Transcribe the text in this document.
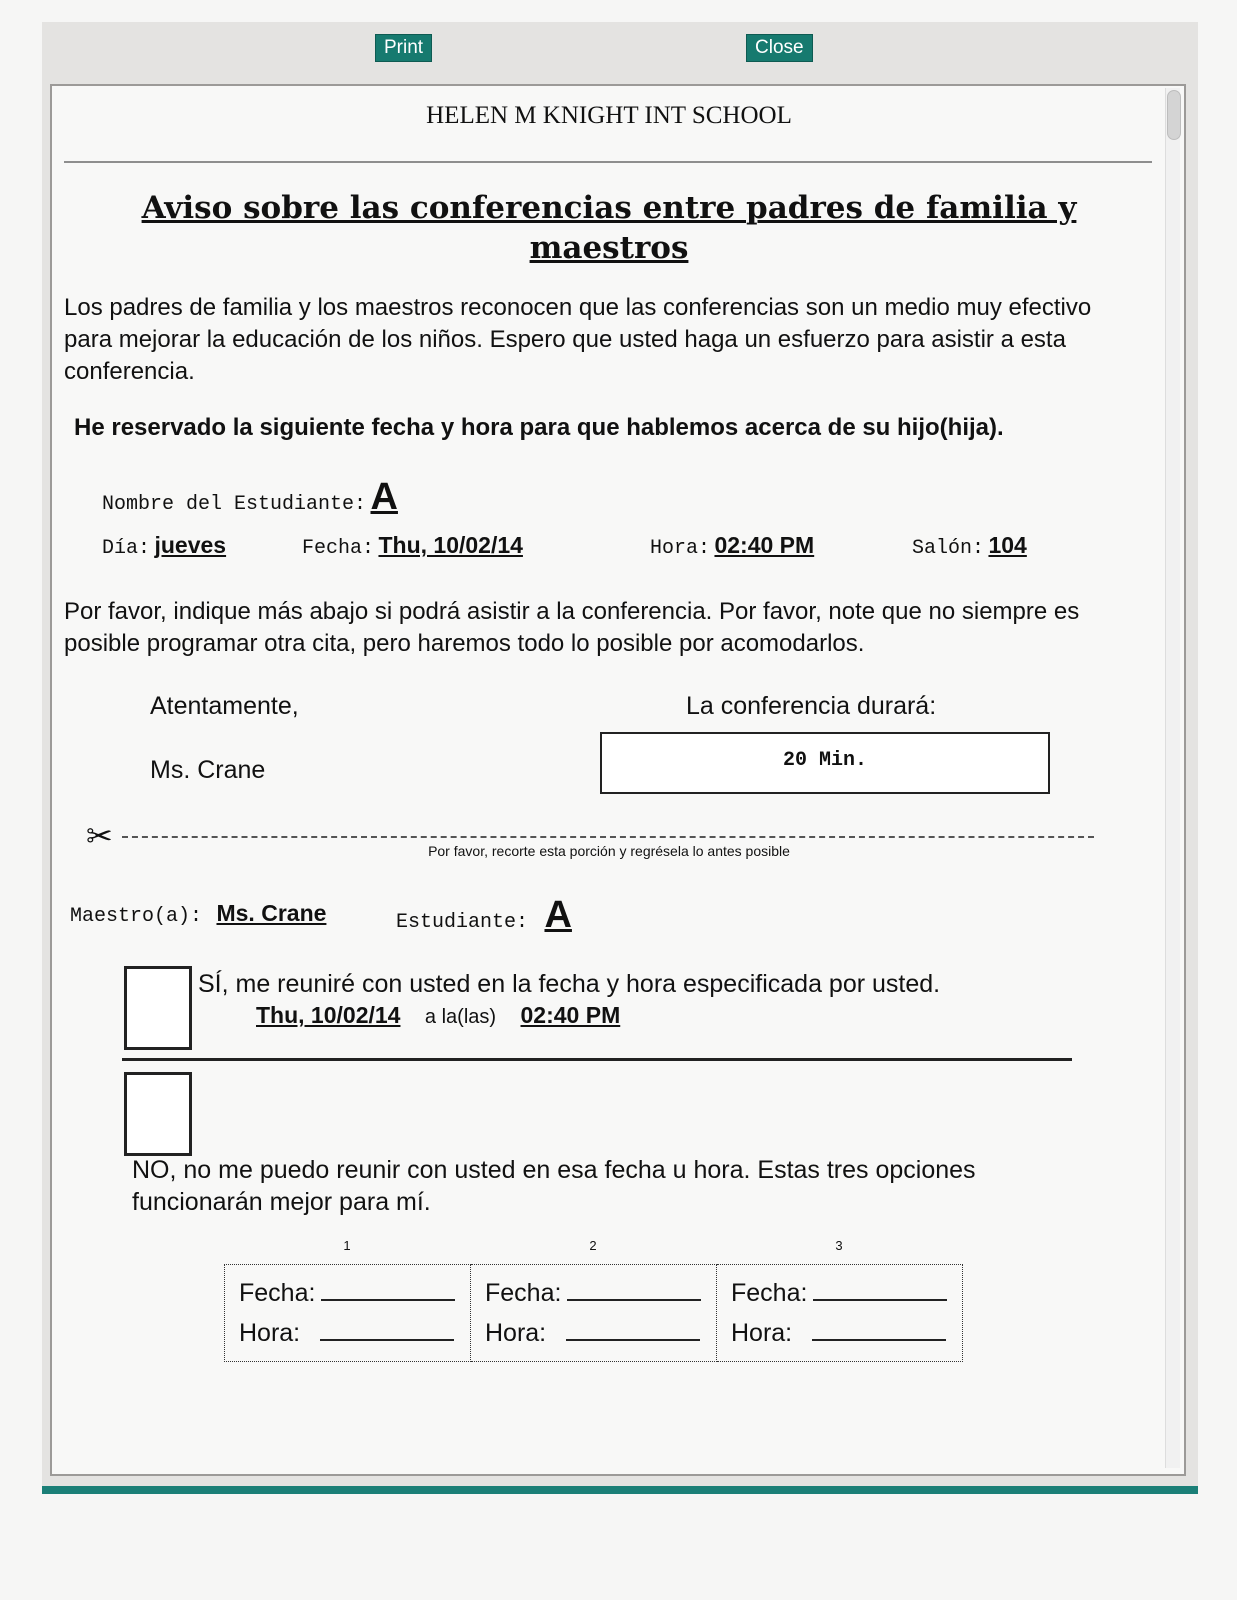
Print	Close
HELEN M KNIGHT INT SCHOOL
Aviso sobre las conferencias entre padres de familia y maestros
Los padres de familia y los maestros reconocen que las conferencias son un medio muy efectivo para mejorar la educación de los niños. Espero que usted haga un esfuerzo para asistir a esta conferencia.
He reservado la siguiente fecha y hora para que hablemos acerca de su hijo(hija).
Nombre del Estudiante: A
Día: jueves	Fecha: Thu, 10/02/14	Hora: 02:40 PM	Salón: 104
Por favor, indique más abajo si podrá asistir a la conferencia. Por favor, note que no siempre es posible programar otra cita, pero haremos todo lo posible por acomodarlos.
Atentamente,
Ms. Crane
La conferencia durará:
20 Min.
✂	Por favor, recorte esta porción y regrésela lo antes posible
Maestro(a): Ms. Crane	Estudiante: A
SÍ, me reuniré con usted en la fecha y hora especificada por usted.
Thu, 10/02/14 a la(las) 02:40 PM
NO, no me puedo reunir con usted en esa fecha u hora. Estas tres opciones funcionarán mejor para mí.
1	2	3
Fecha:
Hora:

Fecha:
Hora:

Fecha:
Hora:
